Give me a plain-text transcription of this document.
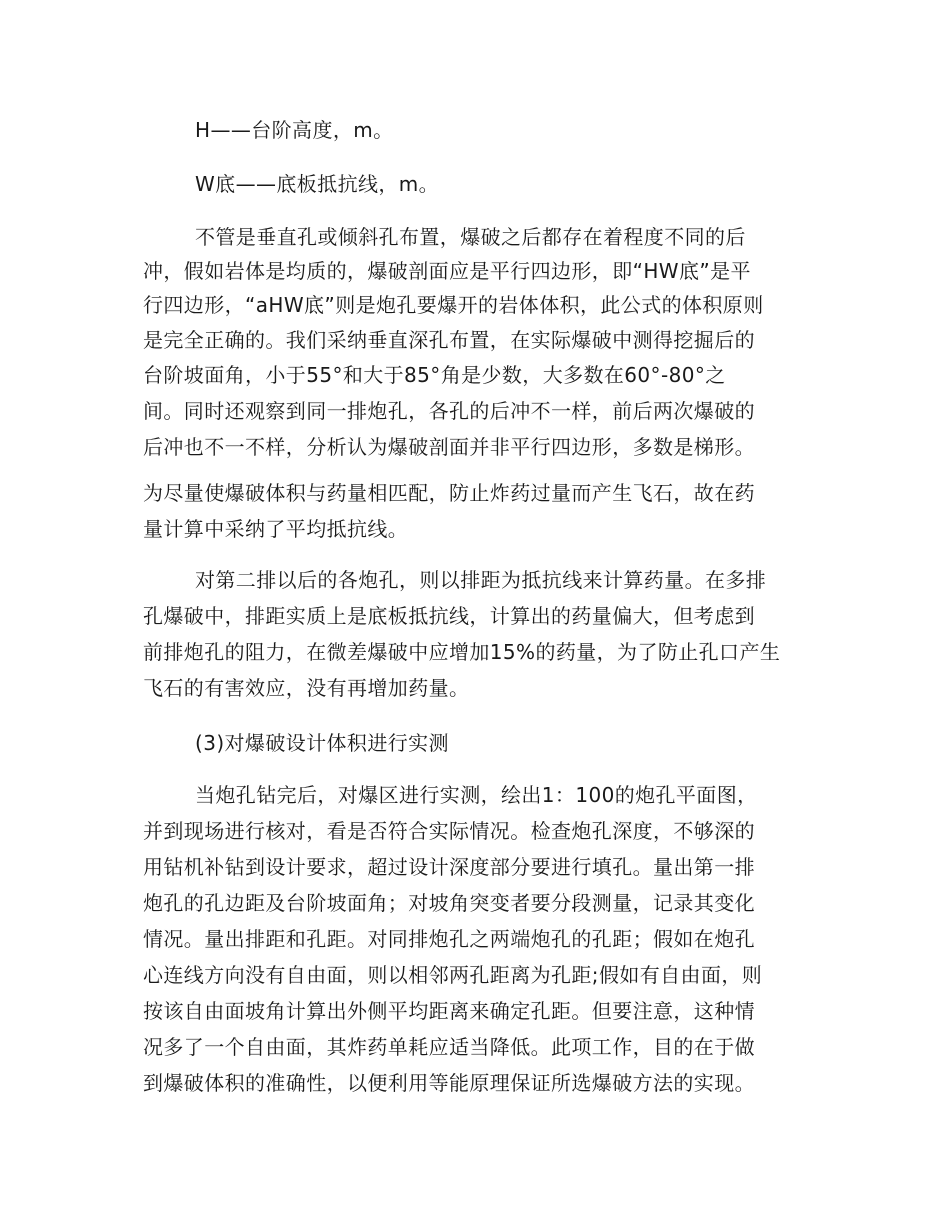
H——台阶高度，m。
W底——底板抵抗线，m。
不管是垂直孔或倾斜孔布置，爆破之后都存在着程度不同的后
冲，假如岩体是均质的，爆破剖面应是平行四边形，即“HW底”是平
行四边形，“aHW底”则是炮孔要爆开的岩体体积，此公式的体积原则
是完全正确的。我们采纳垂直深孔布置，在实际爆破中测得挖掘后的
台阶坡面角，小于55°和大于85°角是少数，大多数在60°-80°之
间。同时还观察到同一排炮孔，各孔的后冲不一样，前后两次爆破的
后冲也不一不样，分析认为爆破剖面并非平行四边形，多数是梯形。
为尽量使爆破体积与药量相匹配，防止炸药过量而产生飞石，故在药
量计算中采纳了平均抵抗线。
对第二排以后的各炮孔，则以排距为抵抗线来计算药量。在多排
孔爆破中，排距实质上是底板抵抗线，计算出的药量偏大，但考虑到
前排炮孔的阻力，在微差爆破中应增加15%的药量，为了防止孔口产生
飞石的有害效应，没有再增加药量。
(3)对爆破设计体积进行实测
当炮孔钻完后，对爆区进行实测，绘出1：100的炮孔平面图，
并到现场进行核对，看是否符合实际情况。检查炮孔深度，不够深的
用钻机补钻到设计要求，超过设计深度部分要进行填孔。量出第一排
炮孔的孔边距及台阶坡面角；对坡角突变者要分段测量，记录其变化
情况。量出排距和孔距。对同排炮孔之两端炮孔的孔距；假如在炮孔
心连线方向没有自由面，则以相邻两孔距离为孔距;假如有自由面，则
按该自由面坡角计算出外侧平均距离来确定孔距。但要注意，这种情
况多了一个自由面，其炸药单耗应适当降低。此项工作，目的在于做
到爆破体积的准确性，以便利用等能原理保证所选爆破方法的实现。
